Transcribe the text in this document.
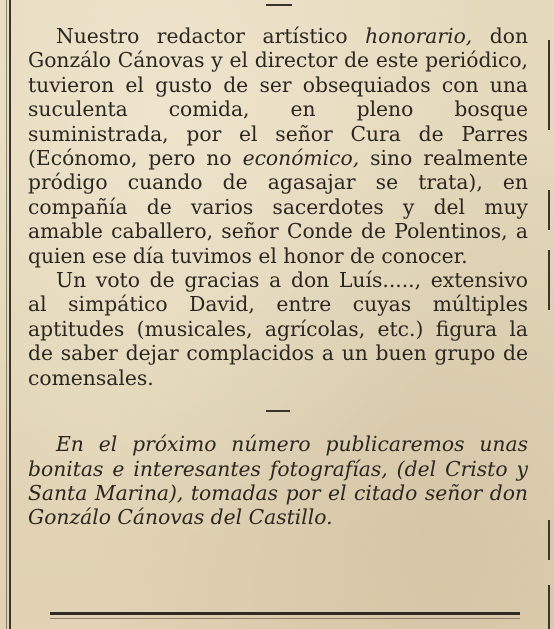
Nuestro redactor artístico honorario, don Gonzálo Cánovas y el director de este periódico, tuvieron el gusto de ser obsequiados con una suculenta comida, en pleno bosque suministrada, por el señor Cura de Parres (Ecónomo, pero no económico, sino realmente pródigo cuando de agasajar se trata), en compañía de varios sacerdotes y del muy amable caballero, señor Conde de Polentinos, a quien ese día tuvimos el honor de conocer.

Un voto de gracias a don Luís....., extensivo al simpático David, entre cuyas múltiples aptitudes (musicales, agrícolas, etc.) figura la de saber dejar complacidos a un buen grupo de comensales.

En el próximo número publicaremos unas bonitas e interesantes fotografías, (del Cristo y Santa Marina), tomadas por el citado señor don Gonzálo Cánovas del Castillo.
